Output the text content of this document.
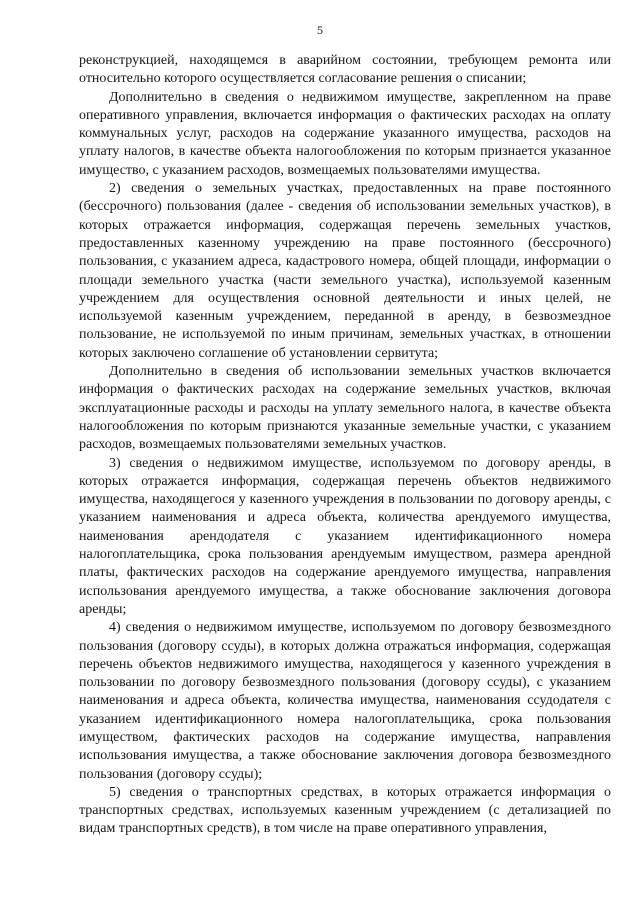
5

реконструкцией, находящемся в аварийном состоянии, требующем ремонта или относительно которого осуществляется согласование решения о списании;

Дополнительно в сведения о недвижимом имуществе, закрепленном на праве оперативного управления, включается информация о фактических расходах на оплату коммунальных услуг, расходов на содержание указанного имущества, расходов на уплату налогов, в качестве объекта налогообложения по которым признается указанное имущество, с указанием расходов, возмещаемых пользователями имущества.

2) сведения о земельных участках, предоставленных на праве постоянного (бессрочного) пользования (далее - сведения об использовании земельных участков), в которых отражается информация, содержащая перечень земельных участков, предоставленных казенному учреждению на праве постоянного (бессрочного) пользования, с указанием адреса, кадастрового номера, общей площади, информации о площади земельного участка (части земельного участка), используемой казенным учреждением для осуществления основной деятельности и иных целей, не используемой казенным учреждением, переданной в аренду, в безвозмездное пользование, не используемой по иным причинам, земельных участках, в отношении которых заключено соглашение об установлении сервитута;

Дополнительно в сведения об использовании земельных участков включается информация о фактических расходах на содержание земельных участков, включая эксплуатационные расходы и расходы на уплату земельного налога, в качестве объекта налогообложения по которым признаются указанные земельные участки, с указанием расходов, возмещаемых пользователями земельных участков.

3) сведения о недвижимом имуществе, используемом по договору аренды, в которых отражается информация, содержащая перечень объектов недвижимого имущества, находящегося у казенного учреждения в пользовании по договору аренды, с указанием наименования и адреса объекта, количества арендуемого имущества, наименования арендодателя с указанием идентификационного номера налогоплательщика, срока пользования арендуемым имуществом, размера арендной платы, фактических расходов на содержание арендуемого имущества, направления использования арендуемого имущества, а также обоснование заключения договора аренды;

4) сведения о недвижимом имуществе, используемом по договору безвозмездного пользования (договору ссуды), в которых должна отражаться информация, содержащая перечень объектов недвижимого имущества, находящегося у казенного учреждения в пользовании по договору безвозмездного пользования (договору ссуды), с указанием наименования и адреса объекта, количества имущества, наименования ссудодателя с указанием идентификационного номера налогоплательщика, срока пользования имуществом, фактических расходов на содержание имущества, направления использования имущества, а также обоснование заключения договора безвозмездного пользования (договору ссуды);

5) сведения о транспортных средствах, в которых отражается информация о транспортных средствах, используемых казенным учреждением (с детализацией по видам транспортных средств), в том числе на праве оперативного управления,
